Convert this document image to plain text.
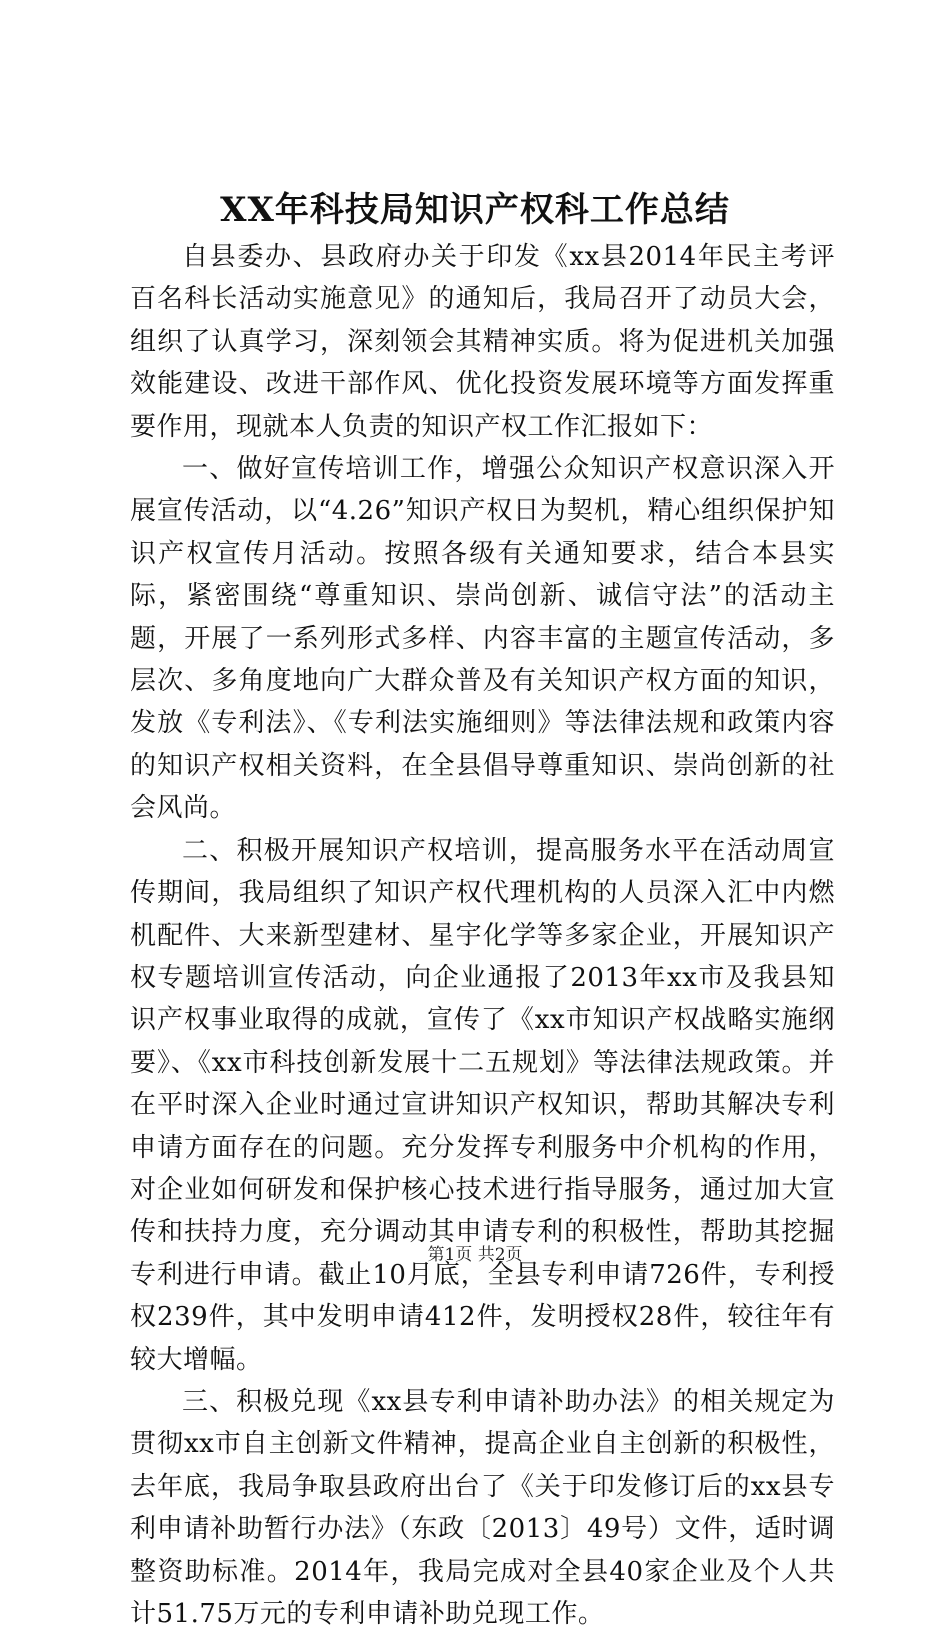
XX年科技局知识产权科工作总结

自县委办、县政府办关于印发《xx县2014年民主考评百名科长活动实施意见》的通知后，我局召开了动员大会，组织了认真学习，深刻领会其精神实质。将为促进机关加强效能建设、改进干部作风、优化投资发展环境等方面发挥重要作用，现就本人负责的知识产权工作汇报如下：

一、做好宣传培训工作，增强公众知识产权意识深入开展宣传活动，以“4.26”知识产权日为契机，精心组织保护知识产权宣传月活动。按照各级有关通知要求，结合本县实际，紧密围绕“尊重知识、崇尚创新、诚信守法”的活动主题，开展了一系列形式多样、内容丰富的主题宣传活动，多层次、多角度地向广大群众普及有关知识产权方面的知识，发放《专利法》、《专利法实施细则》等法律法规和政策内容的知识产权相关资料，在全县倡导尊重知识、崇尚创新的社会风尚。

二、积极开展知识产权培训，提高服务水平在活动周宣传期间，我局组织了知识产权代理机构的人员深入汇中内燃机配件、大来新型建材、星宇化学等多家企业，开展知识产权专题培训宣传活动，向企业通报了2013年xx市及我县知识产权事业取得的成就，宣传了《xx市知识产权战略实施纲要》、《xx市科技创新发展十二五规划》等法律法规政策。并在平时深入企业时通过宣讲知识产权知识，帮助其解决专利申请方面存在的问题。充分发挥专利服务中介机构的作用，对企业如何研发和保护核心技术进行指导服务，通过加大宣传和扶持力度，充分调动其申请专利的积极性，帮助其挖掘专利进行申请。截止10月底，全县专利申请726件，专利授权239件，其中发明申请412件，发明授权28件，较往年有较大增幅。

三、积极兑现《xx县专利申请补助办法》的相关规定为贯彻xx市自主创新文件精神，提高企业自主创新的积极性，去年底，我局争取县政府出台了《关于印发修订后的xx县专利申请补助暂行办法》（东政〔2013〕49号）文件，适时调整资助标准。2014年，我局完成对全县40家企业及个人共计51.75万元的专利申请补助兑现工作。

第1页 共2页
